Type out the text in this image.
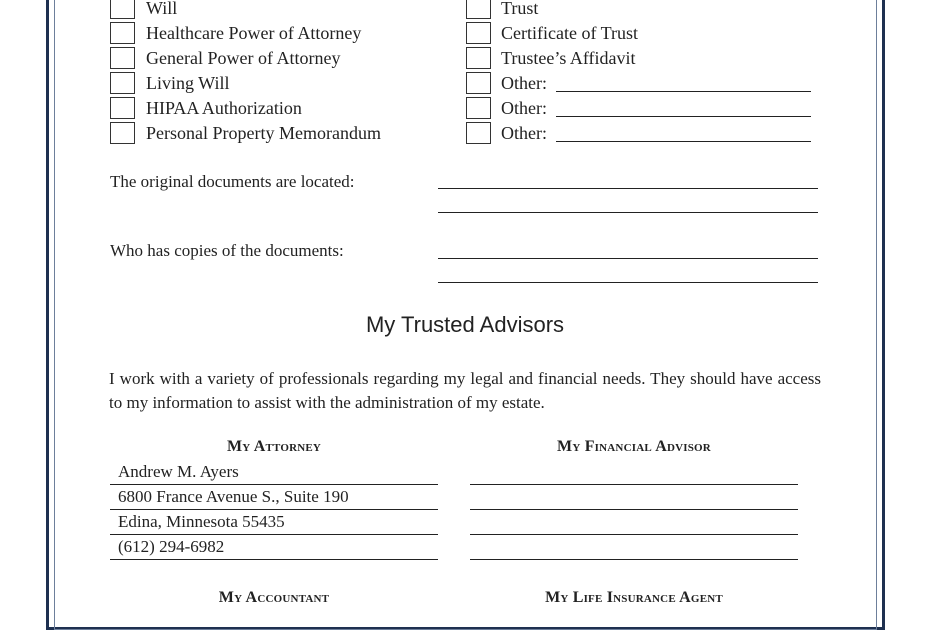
Will
Healthcare Power of Attorney
General Power of Attorney
Living Will
HIPAA Authorization
Personal Property Memorandum
Trust
Certificate of Trust
Trustee’s Affidavit
Other:
Other:
Other:
The original documents are located:
Who has copies of the documents:
My Trusted Advisors
I work with a variety of professionals regarding my legal and financial needs. They should have access to my information to assist with the administration of my estate.
My Attorney
Andrew M. Ayers
6800 France Avenue S., Suite 190
Edina, Minnesota 55435
(612) 294-6982
My Financial Advisor
My Accountant	My Life Insurance Agent
